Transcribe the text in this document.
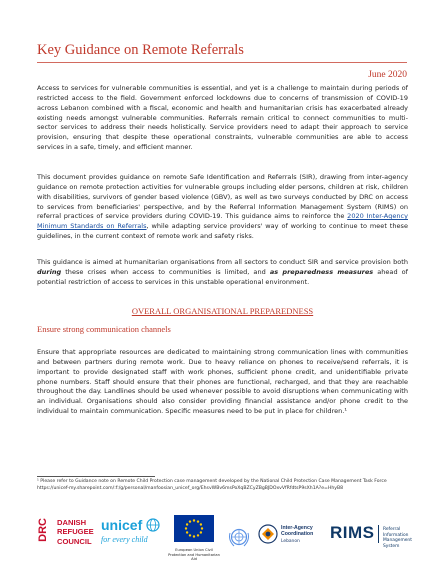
Key Guidance on Remote Referrals
June 2020

Access to services for vulnerable communities is essential, and yet is a challenge to maintain during periods of restricted access to the field. Government enforced lockdowns due to concerns of transmission of COVID-19 across Lebanon combined with a fiscal, economic and health and humanitarian crisis has exacerbated already existing needs amongst vulnerable communities. Referrals remain critical to connect communities to multi-sector services to address their needs holistically. Service providers need to adapt their approach to service provision, ensuring that despite these operational constraints, vulnerable communities are able to access services in a safe, timely, and efficient manner.

This document provides guidance on remote Safe Identification and Referrals (SIR), drawing from inter-agency guidance on remote protection activities for vulnerable groups including elder persons, children at risk, children with disabilities, survivors of gender based violence (GBV), as well as two surveys conducted by DRC on access to services from beneficiaries' perspective, and by the Referral Information Management System (RIMS) on referral practices of service providers during COVID-19. This guidance aims to reinforce the 2020 Inter-Agency Minimum Standards on Referrals, while adapting service providers' way of working to continue to meet these guidelines, in the current context of remote work and safety risks.

This guidance is aimed at humanitarian organisations from all sectors to conduct SIR and service provision both during these crises when access to communities is limited, and as preparedness measures ahead of potential restriction of access to services in this unstable operational environment.

OVERALL ORGANISATIONAL PREPAREDNESS
Ensure strong communication channels

Ensure that appropriate resources are dedicated to maintaining strong communication lines with communities and between partners during remote work. Due to heavy reliance on phones to receive/send referrals, it is important to provide designated staff with work phones, sufficient phone credit, and unidentifiable private phone numbers. Staff should ensure that their phones are functional, recharged, and that they are reachable throughout the day. Landlines should be used whenever possible to avoid disruptions when communicating with an individual. Organisations should also consider providing financial assistance and/or phone credit to the individual to maintain communication. Specific measures need to be put in place for children.¹

¹ Please refer to Guidance note on Remote Child Protection case management developed by the National Child Protection Case Management Task Force https://unicef-my.sharepoint.com/:f:/g/personal/manfoosian_unicef_org/EhsvWBv6msPoXqBZCyZBgBJDOxvVfRfdtsP9sXh1A?e=HhyB8

DRC DANISH
REFUGEE
COUNCIL
unicef
for every child
European Union Civil Protection and Humanitarian Aid
Inter-Agency Coordination
Lebanon RIMS Referral Information Management System
